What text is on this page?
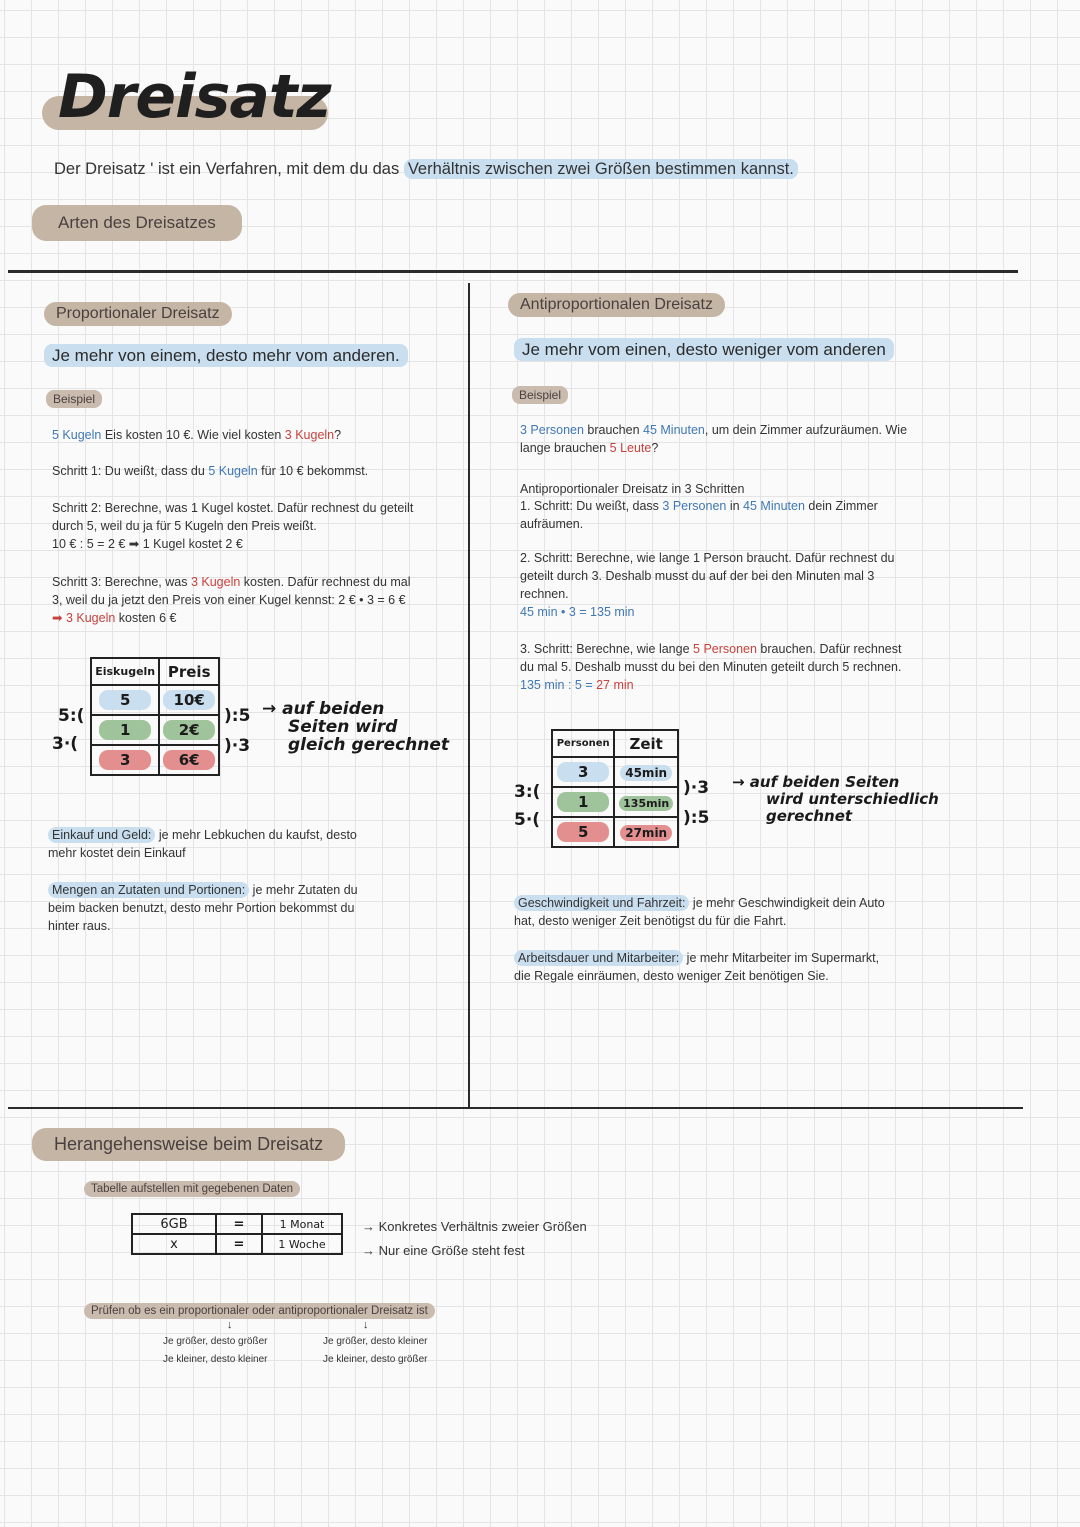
Dreisatz
Der Dreisatz ' ist ein Verfahren, mit dem du das Verhältnis zwischen zwei Größen bestimmen kannst.
Arten des Dreisatzes
Proportionaler Dreisatz
Je mehr von einem, desto mehr vom anderen.
Beispiel
5 Kugeln Eis kosten 10 €. Wie viel kosten 3 Kugeln?
Schritt 1: Du weißt, dass du 5 Kugeln für 10 € bekommst.
Schritt 2: Berechne, was 1 Kugel kostet. Dafür rechnest du geteilt
durch 5, weil du ja für 5 Kugeln den Preis weißt.
10 € : 5 = 2 € ➡ 1 Kugel kostet 2 €
Schritt 3: Berechne, was 3 Kugeln kosten. Dafür rechnest du mal
3, weil du ja jetzt den Preis von einer Kugel kennst: 2 € • 3 = 6 €
➡ 3 Kugeln kosten 6 €
5:(
3·(
Eiskugeln	Preis
5	10€
1	2€
3	6€
):5
)·3
→ auf beiden
Seiten wird
gleich gerechnet
Einkauf und Geld: je mehr Lebkuchen du kaufst, desto
mehr kostet dein Einkauf
Mengen an Zutaten und Portionen: je mehr Zutaten du
beim backen benutzt, desto mehr Portion bekommst du
hinter raus.
Antiproportionalen Dreisatz
Je mehr vom einen, desto weniger vom anderen
Beispiel
3 Personen brauchen 45 Minuten, um dein Zimmer aufzuräumen. Wie
lange brauchen 5 Leute?
Antiproportionaler Dreisatz in 3 Schritten
1. Schritt: Du weißt, dass 3 Personen in 45 Minuten dein Zimmer
aufräumen.
2. Schritt: Berechne, wie lange 1 Person braucht. Dafür rechnest du
geteilt durch 3. Deshalb musst du auf der bei den Minuten mal 3
rechnen.
45 min • 3 = 135 min
3. Schritt: Berechne, wie lange 5 Personen brauchen. Dafür rechnest
du mal 5. Deshalb musst du bei den Minuten geteilt durch 5 rechnen.
135 min : 5 = 27 min
3:(
5·(
Personen	Zeit
3	45min
1	135min
5	27min
)·3
):5
→ auf beiden Seiten
wird unterschiedlich
gerechnet
Geschwindigkeit und Fahrzeit: je mehr Geschwindigkeit dein Auto
hat, desto weniger Zeit benötigst du für die Fahrt.
Arbeitsdauer und Mitarbeiter: je mehr Mitarbeiter im Supermarkt,
die Regale einräumen, desto weniger Zeit benötigen Sie.
Herangehensweise beim Dreisatz
Tabelle aufstellen mit gegebenen Daten
6GB	=	1 Monat
x	=	1 Woche
→ Konkretes Verhältnis zweier Größen
→ Nur eine Größe steht fest
Prüfen ob es ein proportionaler oder antiproportionaler Dreisatz ist
↓	↓
Je größer, desto größer
Je kleiner, desto kleiner
Je größer, desto kleiner
Je kleiner, desto größer
